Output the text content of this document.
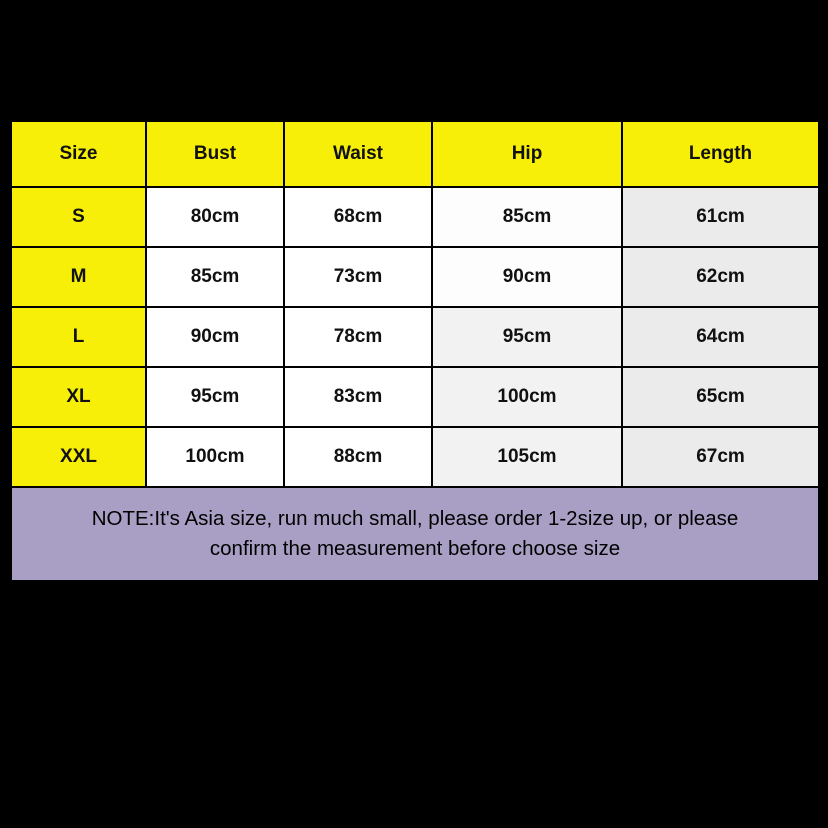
Size	Bust	Waist	Hip	Length
S	80cm	68cm	85cm	61cm
M	85cm	73cm	90cm	62cm
L	90cm	78cm	95cm	64cm
XL	95cm	83cm	100cm	65cm
XXL	100cm	88cm	105cm	67cm

NOTE:It's Asia size, run much small, please order 1-2size up, or please
confirm the measurement before choose size				
